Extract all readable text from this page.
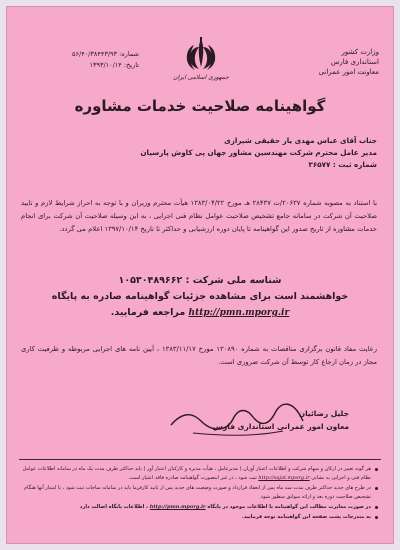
وزارت کشور
استانداری فارس
معاونت امور عمرانی
جمهوری اسلامی ایران
شماره: ۵۶/۴۰/۳۸۴۴۳/۹۳
تاریخ: ۱۳۹۳/۱۰/۱۴
گواهینامه صلاحیت خدمات مشاوره
جناب آقای عباس مهدی یار حقیقی شیرازی
مدیر عامل محترم شرکت مهندسین مشاور جهان پی کاوش پارسیان
شماره ثبت : ۳۶۵۷۷
با استناد به مصوبه شماره ۲۰۶۳۷/ت ۲۸۴۳۷ هـ مورخ ۱۳۸۳/۰۴/۲۲ هیأت محترم وزیران و با توجه به احراز شرایط لازم و تایید صلاحیت آن شرکت در سامانه جامع تشخیص صلاحیت عوامل نظام فنی اجرایی ، به این وسیله صلاحیت آن شرکت برای انجام خدمات مشاوره از تاریخ صدور این گواهینامه تا پایان دوره ارزشیابی و حداکثر تا تاریخ ۱۳۹۷/۱۰/۱۴ اعلام می گردد.
شناسه ملی شرکت : ۱۰۵۳۰۴۸۹۶۶۲
خواهشمند است برای مشاهده جزئیات گواهینامه صادره به پایگاه
http://pmn.mporg.ir مراجعه فرمایید.
رعایت مفاد قانون برگزاری مناقصات به شماره ۱۳۰۸۹۰ مورخ ۱۳۸۳/۱۱/۱۷ ، آیین نامه های اجرایی مربوطه و ظرفیت کاری مجاز در زمان ارجاع کار توسط آن شرکت ضروری است.
جلیل رضائیان
معاون امور عمرانی استانداری فارس
هر گونه تغییر در ارکان و سهام شرکت و اطلاعات اعتبار آوران ( مدیرعامل ، هیأت مدیره و کارکنان اعتبار آور ) باید حداکثر ظرف مدت یک ماه در سامانه اطلاعات عوامل نظام فنی و اجرایی به نشانی http://sajat.mporg.ir ثبت شود ، در غیر اینصورت گواهینامه صادره فاقد اعتبار است.
در طرح های جدید حداکثر ظرف مدت سه ماه پس از انعقاد قرارداد و صورت وضعیت های جدید پس از تایید کارفرما باید در سامانه ساجات ثبت شود ، تا امتیاز آنها هنگام تشخیص صلاحیت دوره بعد و ارائه سوابق منظور شود.
در صورت مغایرت مطالب این گواهینامه با اطلاعات موجود در پایگاه http://pmn.mporg.ir ، اطلاعات پایگاه اصالت دارد
به مندرجات پشت صفحه این گواهینامه توجه فرمایید.
